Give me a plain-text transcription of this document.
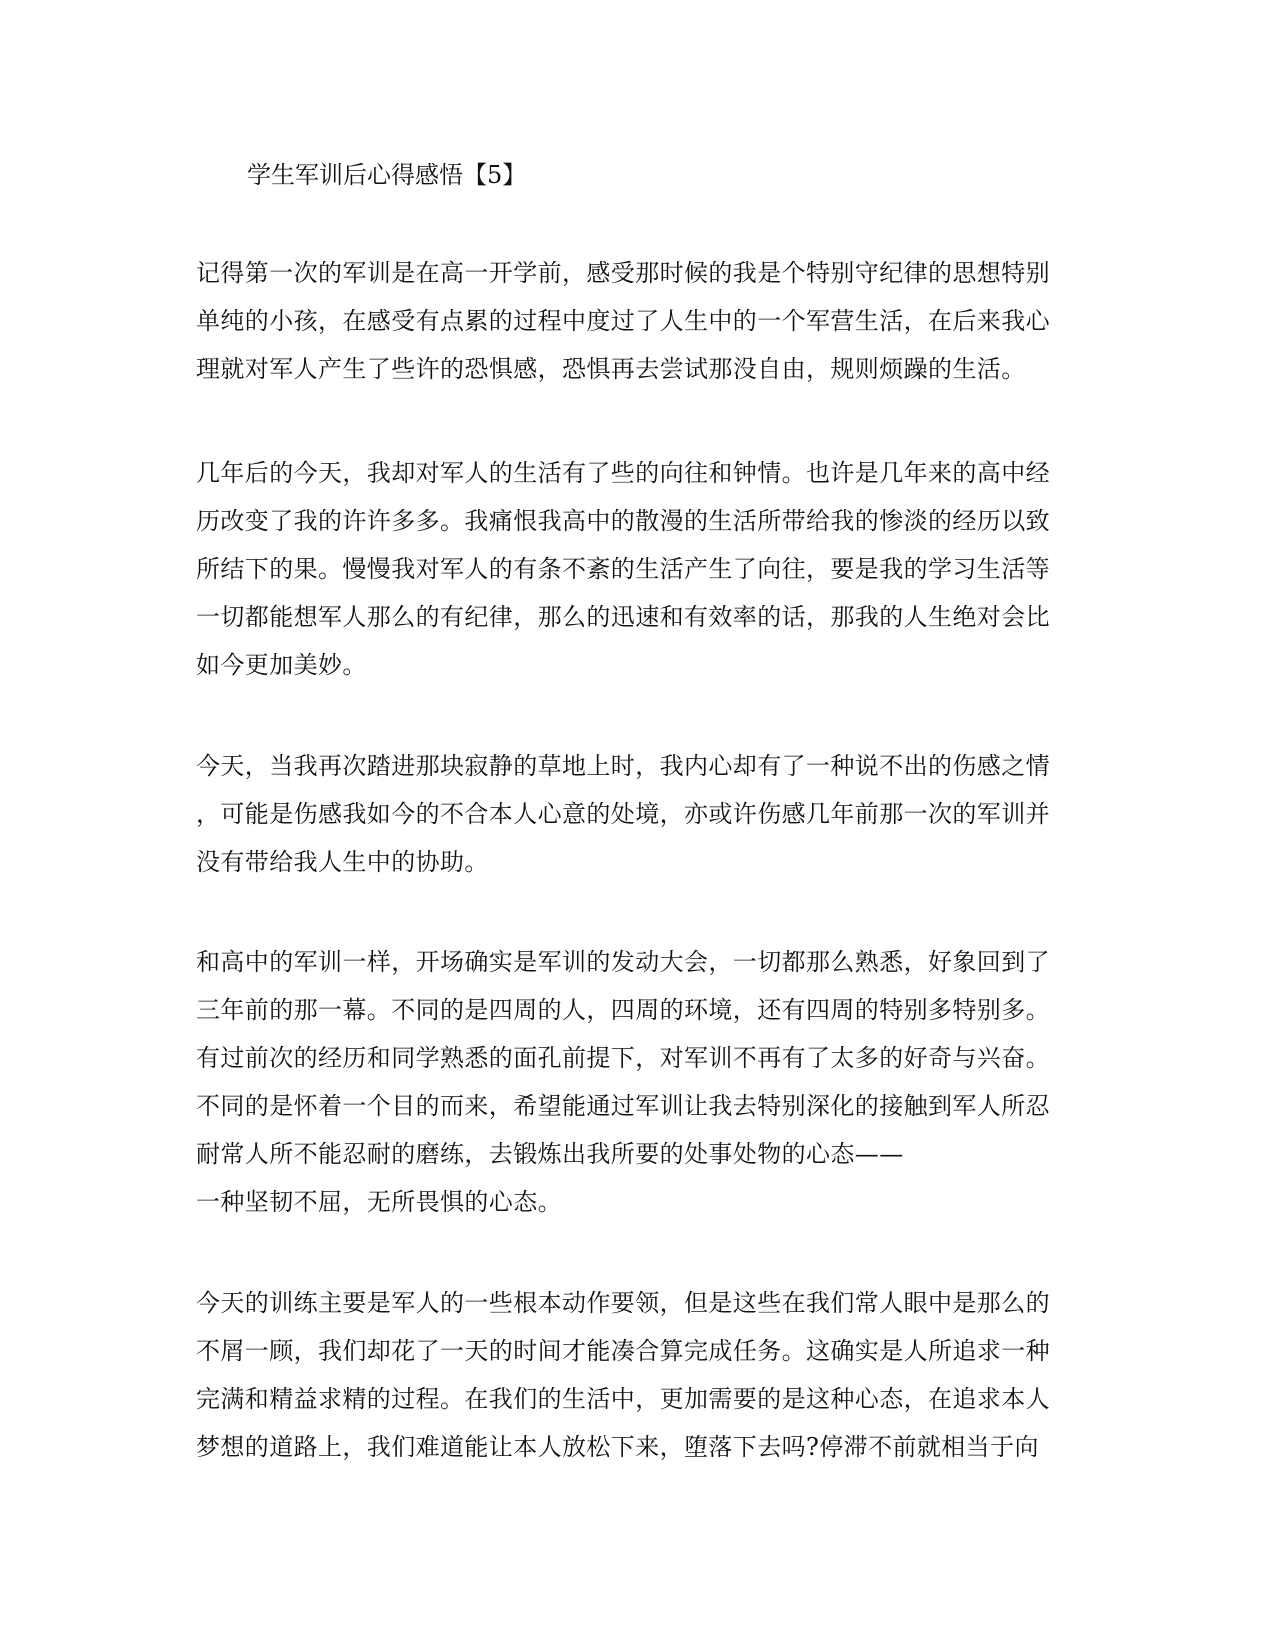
学生军训后心得感悟【5】
记得第一次的军训是在高一开学前，感受那时候的我是个特别守纪律的思想特别
单纯的小孩，在感受有点累的过程中度过了人生中的一个军营生活，在后来我心
理就对军人产生了些许的恐惧感，恐惧再去尝试那没自由，规则烦躁的生活。
几年后的今天，我却对军人的生活有了些的向往和钟情。也许是几年来的高中经
历改变了我的许许多多。我痛恨我高中的散漫的生活所带给我的惨淡的经历以致
所结下的果。慢慢我对军人的有条不紊的生活产生了向往，要是我的学习生活等
一切都能想军人那么的有纪律，那么的迅速和有效率的话，那我的人生绝对会比
如今更加美妙。
今天，当我再次踏进那块寂静的草地上时，我内心却有了一种说不出的伤感之情
，可能是伤感我如今的不合本人心意的处境，亦或许伤感几年前那一次的军训并
没有带给我人生中的协助。
和高中的军训一样，开场确实是军训的发动大会，一切都那么熟悉，好象回到了
三年前的那一幕。不同的是四周的人，四周的环境，还有四周的特别多特别多。
有过前次的经历和同学熟悉的面孔前提下，对军训不再有了太多的好奇与兴奋。
不同的是怀着一个目的而来，希望能通过军训让我去特别深化的接触到军人所忍
耐常人所不能忍耐的磨练，去锻炼出我所要的处事处物的心态——
一种坚韧不屈，无所畏惧的心态。
今天的训练主要是军人的一些根本动作要领，但是这些在我们常人眼中是那么的
不屑一顾，我们却花了一天的时间才能凑合算完成任务。这确实是人所追求一种
完满和精益求精的过程。在我们的生活中，更加需要的是这种心态，在追求本人
梦想的道路上，我们难道能让本人放松下来，堕落下去吗?停滞不前就相当于向
